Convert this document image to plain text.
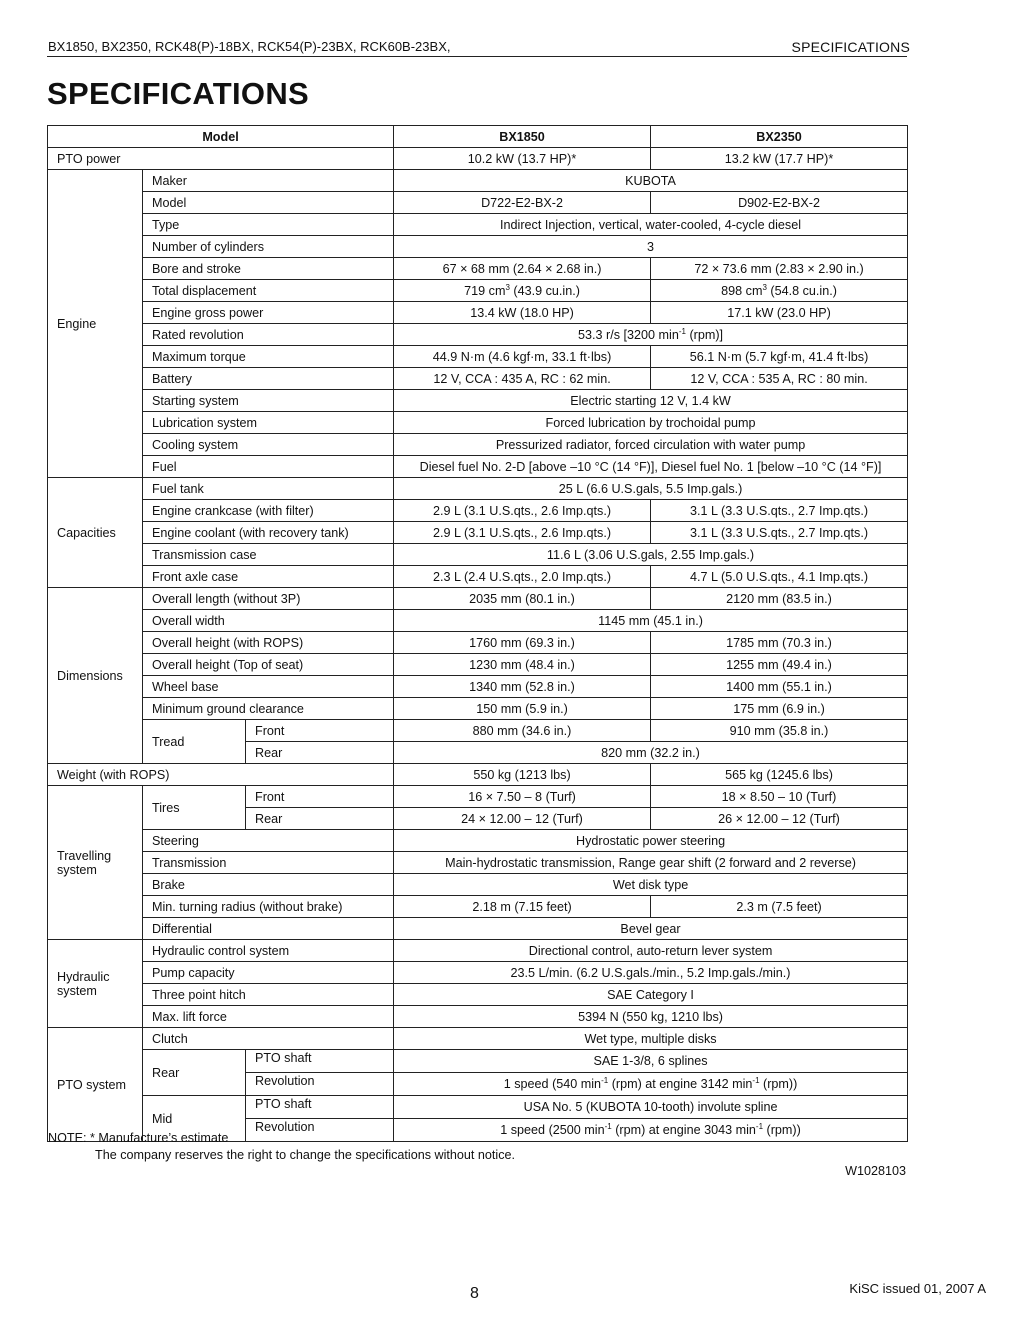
BX1850, BX2350, RCK48(P)-18BX, RCK54(P)-23BX, RCK60B-23BX,	SPECIFICATIONS
SPECIFICATIONS
Model			BX1850	BX2350
PTO power			10.2 kW (13.7 HP)*	13.2 kW (17.7 HP)*
Engine	Maker		KUBOTA	
	Model		D722-E2-BX-2	D902-E2-BX-2
	Type		Indirect Injection, vertical, water-cooled, 4-cycle diesel	
	Number of cylinders		3	
	Bore and stroke		67 × 68 mm (2.64 × 2.68 in.)	72 × 73.6 mm (2.83 × 2.90 in.)
	Total displacement		719 $cm^3$ (43.9 cu.in.)	898 $cm^3$ (54.8 cu.in.)
	Engine gross power		13.4 kW (18.0 HP)	17.1 kW (23.0 HP)
	Rated revolution		53.3 r/s [3200 $\min^{-1} (rpm)$]	
	Maximum torque		44.9 N·m (4.6 kgf·m, 33.1 ft·lbs)	56.1 N·m (5.7 kgf·m, 41.4 ft·lbs)
	Battery		12 V, CCA : 435 A, RC : 62 min.	12 V, CCA : 535 A, RC : 80 min.
	Starting system		Electric starting 12 V, 1.4 kW	
	Lubrication system		Forced lubrication by trochoidal pump	
	Cooling system		Pressurized radiator, forced circulation with water pump	
	Fuel		Diesel fuel No. 2-D [above –10 °C (14 °F)], Diesel fuel No. 1 [below –10 °C (14 °F)]	
Capacities	Fuel tank		25 L (6.6 U.S.gals, 5.5 Imp.gals.)	
	Engine crankcase (with filter)		2.9 L (3.1 U.S.qts., 2.6 Imp.qts.)	3.1 L (3.3 U.S.qts., 2.7 Imp.qts.)
	Engine coolant (with recovery tank)		2.9 L (3.1 U.S.qts., 2.6 Imp.qts.)	3.1 L (3.3 U.S.qts., 2.7 Imp.qts.)
	Transmission case		11.6 L (3.06 U.S.gals, 2.55 Imp.gals.)	
	Front axle case		2.3 L (2.4 U.S.qts., 2.0 Imp.qts.)	4.7 L (5.0 U.S.qts., 4.1 Imp.qts.)
Dimensions	Overall length (without 3P)		2035 mm (80.1 in.)	2120 mm (83.5 in.)
	Overall width		1145 mm (45.1 in.)	
	Overall height (with ROPS)		1760 mm (69.3 in.)	1785 mm (70.3 in.)
	Overall height (Top of seat)		1230 mm (48.4 in.)	1255 mm (49.4 in.)
	Wheel base		1340 mm (52.8 in.)	1400 mm (55.1 in.)
	Minimum ground clearance		150 mm (5.9 in.)	175 mm (6.9 in.)
	Tread	Front	880 mm (34.6 in.)	910 mm (35.8 in.)
		Rear	820 mm (32.2 in.)	
Weight (with ROPS)			550 kg (1213 lbs)	565 kg (1245.6 lbs)
Travelling system	Tires	Front	16 × 7.50 – 8 (Turf)	18 × 8.50 – 10 (Turf)
		Rear	24 × 12.00 – 12 (Turf)	26 × 12.00 – 12 (Turf)
	Steering		Hydrostatic power steering	
	Transmission		Main-hydrostatic transmission, Range gear shift (2 forward and 2 reverse)	
	Brake		Wet disk type	
	Min. turning radius (without brake)		2.18 m (7.15 feet)	2.3 m (7.5 feet)
	Differential		Bevel gear	
Hydraulic system	Hydraulic control system		Directional control, auto-return lever system	
	Pump capacity		23.5 L/min. (6.2 U.S.gals./min., 5.2 Imp.gals./min.)	
	Three point hitch		SAE Category I	
	Max. lift force		5394 N (550 kg, 1210 lbs)	
PTO system	Clutch		Wet type, multiple disks	
	Rear	PTO shaft	SAE 1-3/8, 6 splines	
		Revolution	1 speed (540 $\min^{-1} (rpm)$ at engine 3142 $\min^{-1} (rpm)$)	
	Mid	PTO shaft	USA No. 5 (KUBOTA 10-tooth) involute spline	
		Revolution	1 speed (2500 $\min^{-1} (rpm)$ at engine 3043 $\min^{-1} (rpm)$)	
NOTE: * Manufacture’s estimate
The company reserves the right to change the specifications without notice.
W1028103
8	KiSC issued 01, 2007 A
